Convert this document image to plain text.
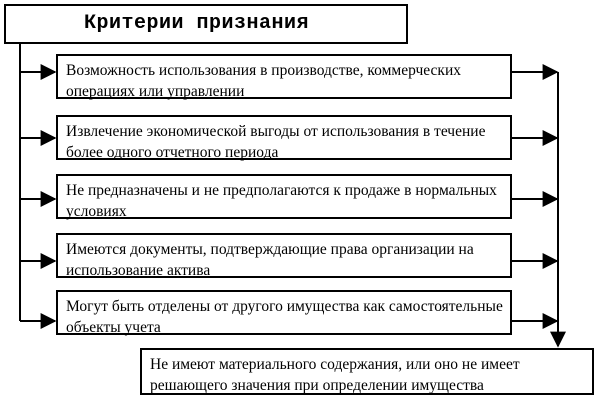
Критерии признания
Возможность использования в производстве, коммерческих операциях или управлении
Извлечение экономической выгоды от использования в течение более одного отчетного периода
Не предназначены и не предполагаются к продаже в нормальных условиях
Имеются документы, подтверждающие права организации на использование актива
Могут быть отделены от другого имущества как самостоятельные объекты учета
Не имеют материального содержания, или оно не имеет решающего значения при определении имущества
